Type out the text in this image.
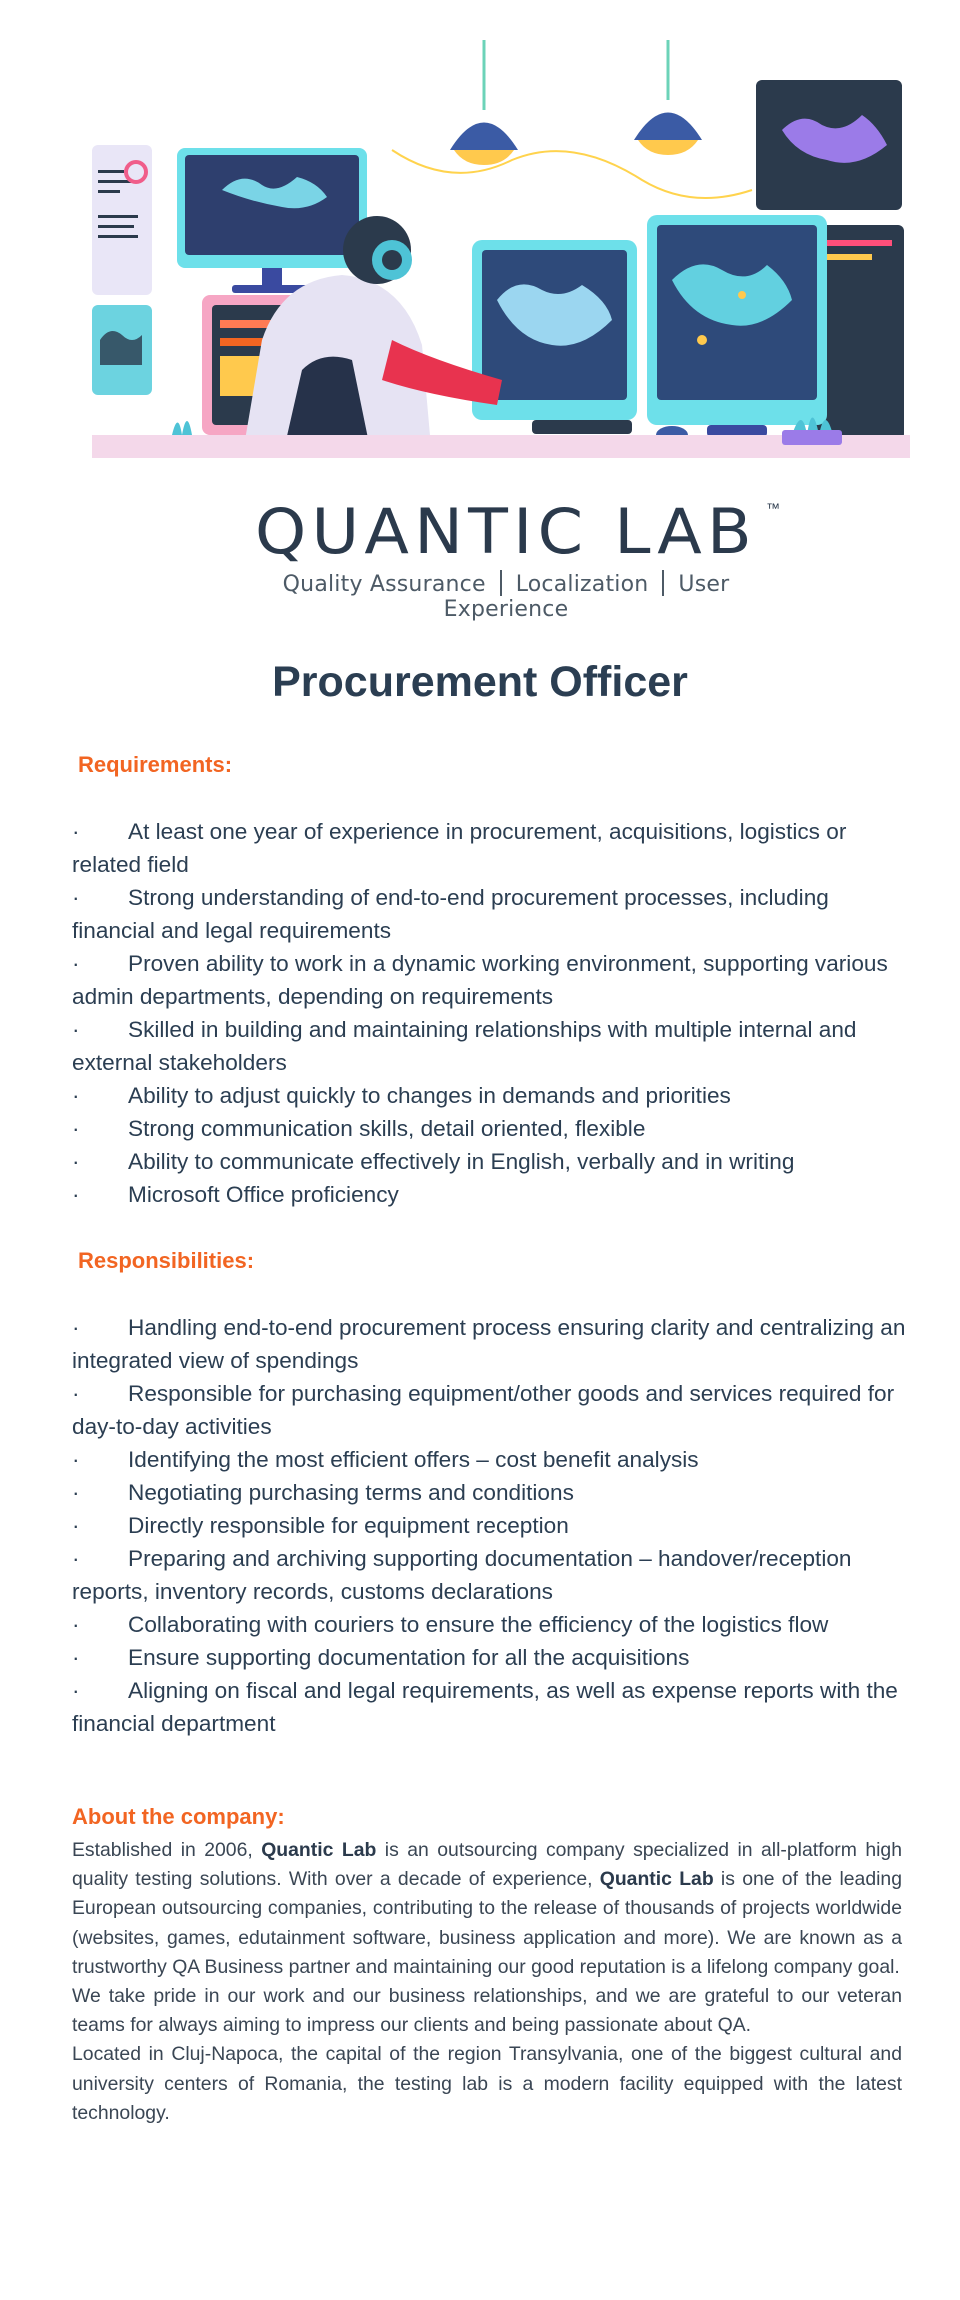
QUANTIC LAB ™
Quality Assurance Localization User Experience
Procurement Officer
Requirements:
· At least one year of experience in procurement, acquisitions, logistics or related field
· Strong understanding of end-to-end procurement processes, including financial and legal requirements
· Proven ability to work in a dynamic working environment, supporting various admin departments, depending on requirements
· Skilled in building and maintaining relationships with multiple internal and external stakeholders
· Ability to adjust quickly to changes in demands and priorities
· Strong communication skills, detail oriented, flexible
· Ability to communicate effectively in English, verbally and in writing
· Microsoft Office proficiency
Responsibilities:
· Handling end-to-end procurement process ensuring clarity and centralizing an integrated view of spendings
· Responsible for purchasing equipment/other goods and services required for day-to-day activities
· Identifying the most efficient offers – cost benefit analysis
· Negotiating purchasing terms and conditions
· Directly responsible for equipment reception
· Preparing and archiving supporting documentation – handover/reception reports, inventory records, customs declarations
· Collaborating with couriers to ensure the efficiency of the logistics flow
· Ensure supporting documentation for all the acquisitions
· Aligning on fiscal and legal requirements, as well as expense reports with the financial department
About the company:

Established in 2006, Quantic Lab is an outsourcing company specialized in all-platform high quality testing solutions. With over a decade of experience, Quantic Lab is one of the leading European outsourcing companies, contributing to the release of thousands of projects worldwide (websites, games, edutainment software, business application and more). We are known as a trustworthy QA Business partner and maintaining our good reputation is a lifelong company goal.

We take pride in our work and our business relationships, and we are grateful to our veteran teams for always aiming to impress our clients and being passionate about QA.

Located in Cluj-Napoca, the capital of the region Transylvania, one of the biggest cultural and university centers of Romania, the testing lab is a modern facility equipped with the latest technology.
